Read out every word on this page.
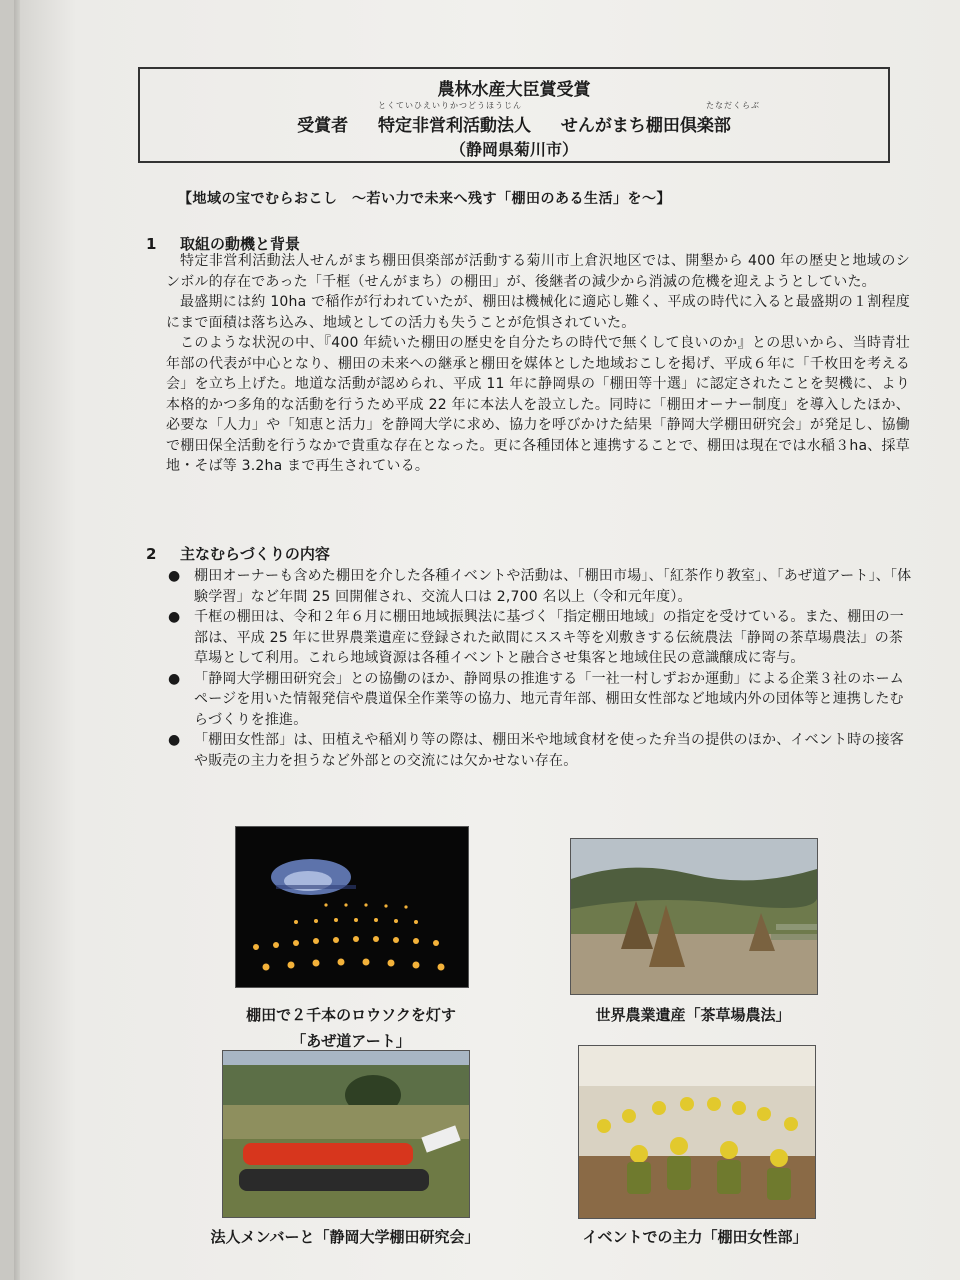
農林水産大臣賞受賞
とくていひえいりかつどうほうじん	たなだくらぶ
受賞者 特定非営利活動法人 せんがまち棚田倶楽部
（静岡県菊川市）
【地域の宝でむらおこし　～若い力で未来へ残す「棚田のある生活」を～】
1 取組の動機と背景

特定非営利活動法人せんがまち棚田倶楽部が活動する菊川市上倉沢地区では、開墾から 400 年の歴史と地域のシンボル的存在であった「千框（せんがまち）の棚田」が、後継者の減少から消滅の危機を迎えようとしていた。

最盛期には約 10ha で稲作が行われていたが、棚田は機械化に適応し難く、平成の時代に入ると最盛期の１割程度にまで面積は落ち込み、地域としての活力も失うことが危惧されていた。

このような状況の中、『400 年続いた棚田の歴史を自分たちの時代で無くして良いのか』との思いから、当時青壮年部の代表が中心となり、棚田の未来への継承と棚田を媒体とした地域おこしを掲げ、平成６年に「千枚田を考える会」を立ち上げた。地道な活動が認められ、平成 11 年に静岡県の「棚田等十選」に認定されたことを契機に、より本格的かつ多角的な活動を行うため平成 22 年に本法人を設立した。同時に「棚田オーナー制度」を導入したほか、必要な「人力」や「知恵と活力」を静岡大学に求め、協力を呼びかけた結果「静岡大学棚田研究会」が発足し、協働で棚田保全活動を行うなかで貴重な存在となった。更に各種団体と連携することで、棚田は現在では水稲３ha、採草地・そば等 3.2ha まで再生されている。

2 主なむらづくりの内容
● 棚田オーナーも含めた棚田を介した各種イベントや活動は、「棚田市場」、「紅茶作り教室」、「あぜ道アート」、「体験学習」など年間 25 回開催され、交流人口は 2,700 名以上（令和元年度）。
● 千框の棚田は、令和２年６月に棚田地域振興法に基づく「指定棚田地域」の指定を受けている。また、棚田の一部は、平成 25 年に世界農業遺産に登録された畝間にススキ等を刈敷きする伝統農法「静岡の茶草場農法」の茶草場として利用。これら地域資源は各種イベントと融合させ集客と地域住民の意識醸成に寄与。
● 「静岡大学棚田研究会」との協働のほか、静岡県の推進する「一社一村しずおか運動」による企業３社のホームページを用いた情報発信や農道保全作業等の協力、地元青年部、棚田女性部など地域内外の団体等と連携したむらづくりを推進。
● 「棚田女性部」は、田植えや稲刈り等の際は、棚田米や地域食材を使った弁当の提供のほか、イベント時の接客や販売の主力を担うなど外部との交流には欠かせない存在。
棚田で２千本のロウソクを灯す
「あぜ道アート」
世界農業遺産「茶草場農法」
法人メンバーと「静岡大学棚田研究会」	イベントでの主力「棚田女性部」
